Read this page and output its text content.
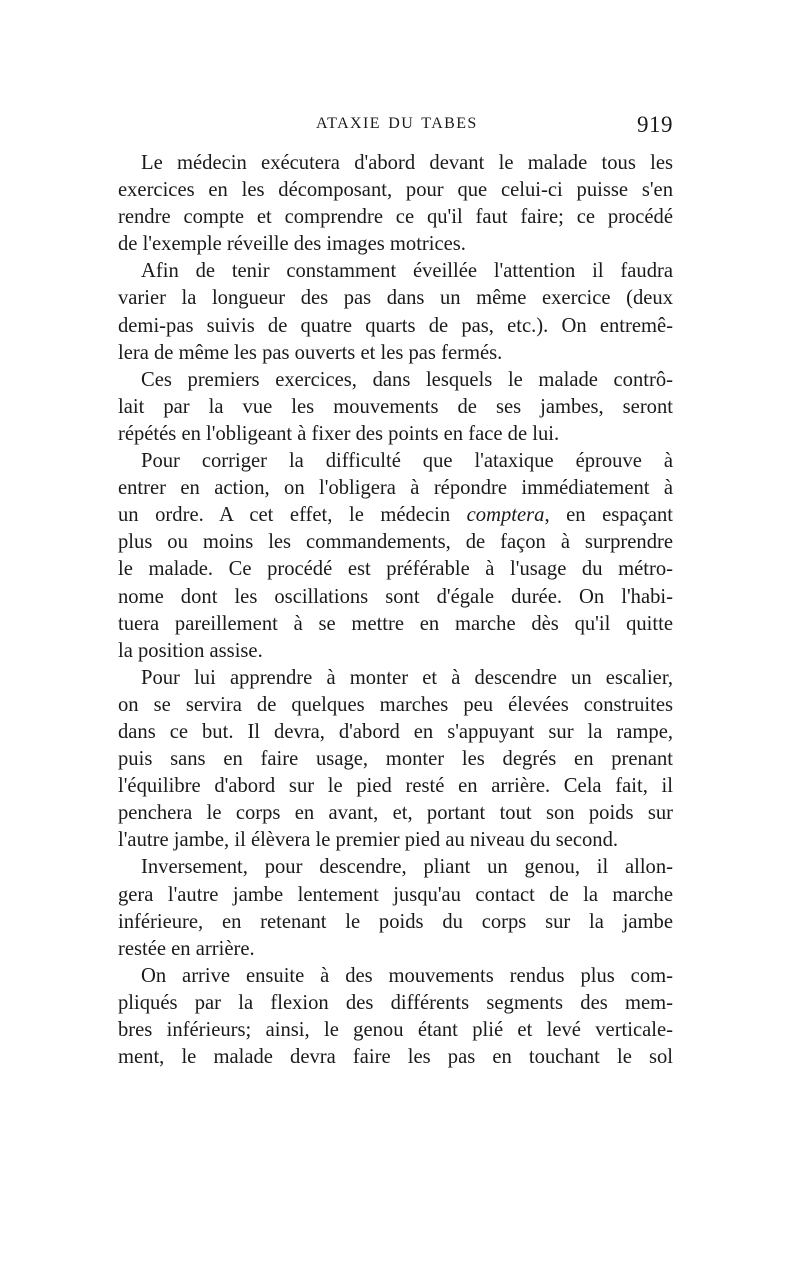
ATAXIE DU TABES	919

Le médecin exécutera d'abord devant le malade tous les
exercices en les décomposant, pour que celui-ci puisse s'en
rendre compte et comprendre ce qu'il faut faire; ce procédé
de l'exemple réveille des images motrices.

Afin de tenir constamment éveillée l'attention il faudra
varier la longueur des pas dans un même exercice (deux
demi-pas suivis de quatre quarts de pas, etc.). On entremê-
lera de même les pas ouverts et les pas fermés.

Ces premiers exercices, dans lesquels le malade contrô-
lait par la vue les mouvements de ses jambes, seront
répétés en l'obligeant à fixer des points en face de lui.

Pour corriger la difficulté que l'ataxique éprouve à
entrer en action, on l'obligera à répondre immédiatement à
un ordre. A cet effet, le médecin comptera, en espaçant
plus ou moins les commandements, de façon à surprendre
le malade. Ce procédé est préférable à l'usage du métro-
nome dont les oscillations sont d'égale durée. On l'habi-
tuera pareillement à se mettre en marche dès qu'il quitte
la position assise.

Pour lui apprendre à monter et à descendre un escalier,
on se servira de quelques marches peu élevées construites
dans ce but. Il devra, d'abord en s'appuyant sur la rampe,
puis sans en faire usage, monter les degrés en prenant
l'équilibre d'abord sur le pied resté en arrière. Cela fait, il
penchera le corps en avant, et, portant tout son poids sur
l'autre jambe, il élèvera le premier pied au niveau du second.

Inversement, pour descendre, pliant un genou, il allon-
gera l'autre jambe lentement jusqu'au contact de la marche
inférieure, en retenant le poids du corps sur la jambe
restée en arrière.

On arrive ensuite à des mouvements rendus plus com-
pliqués par la flexion des différents segments des mem-
bres inférieurs; ainsi, le genou étant plié et levé verticale-
ment, le malade devra faire les pas en touchant le sol
